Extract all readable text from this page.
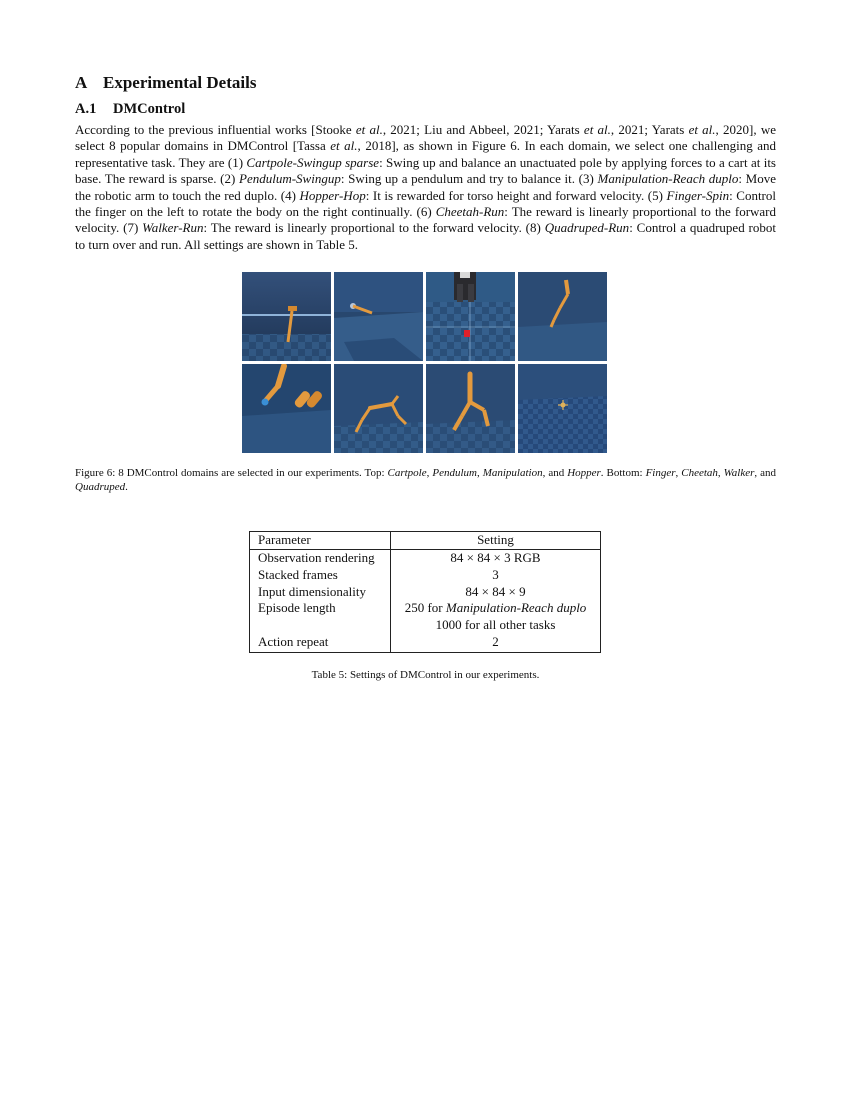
A Experimental Details
A.1 DMControl

According to the previous influential works [Stooke et al., 2021; Liu and Abbeel, 2021; Yarats et al., 2021; Yarats et al., 2020], we select 8 popular domains in DMControl [Tassa et al., 2018], as shown in Figure 6. In each domain, we select one challenging and representative task. They are (1) Cartpole-Swingup sparse: Swing up and balance an unactuated pole by applying forces to a cart at its base. The reward is sparse. (2) Pendulum-Swingup: Swing up a pendulum and try to balance it. (3) Manipulation-Reach duplo: Move the robotic arm to touch the red duplo. (4) Hopper-Hop: It is rewarded for torso height and forward velocity. (5) Finger-Spin: Control the finger on the left to rotate the body on the right continually. (6) Cheetah-Run: The reward is linearly proportional to the forward velocity. (7) Walker-Run: The reward is linearly proportional to the forward velocity. (8) Quadruped-Run: Control a quadruped robot to turn over and run. All settings are shown in Table 5.

Figure 6: 8 DMControl domains are selected in our experiments. Top: Cartpole, Pendulum, Manipulation, and Hopper. Bottom: Finger, Cheetah, Walker, and Quadruped.

Parameter	Setting
Observation rendering	84 × 84 × 3 RGB
Stacked frames	3
Input dimensionality	84 × 84 × 9
Episode length	250 for Manipulation-Reach duplo
	1000 for all other tasks
Action repeat	2

Table 5: Settings of DMControl in our experiments.
